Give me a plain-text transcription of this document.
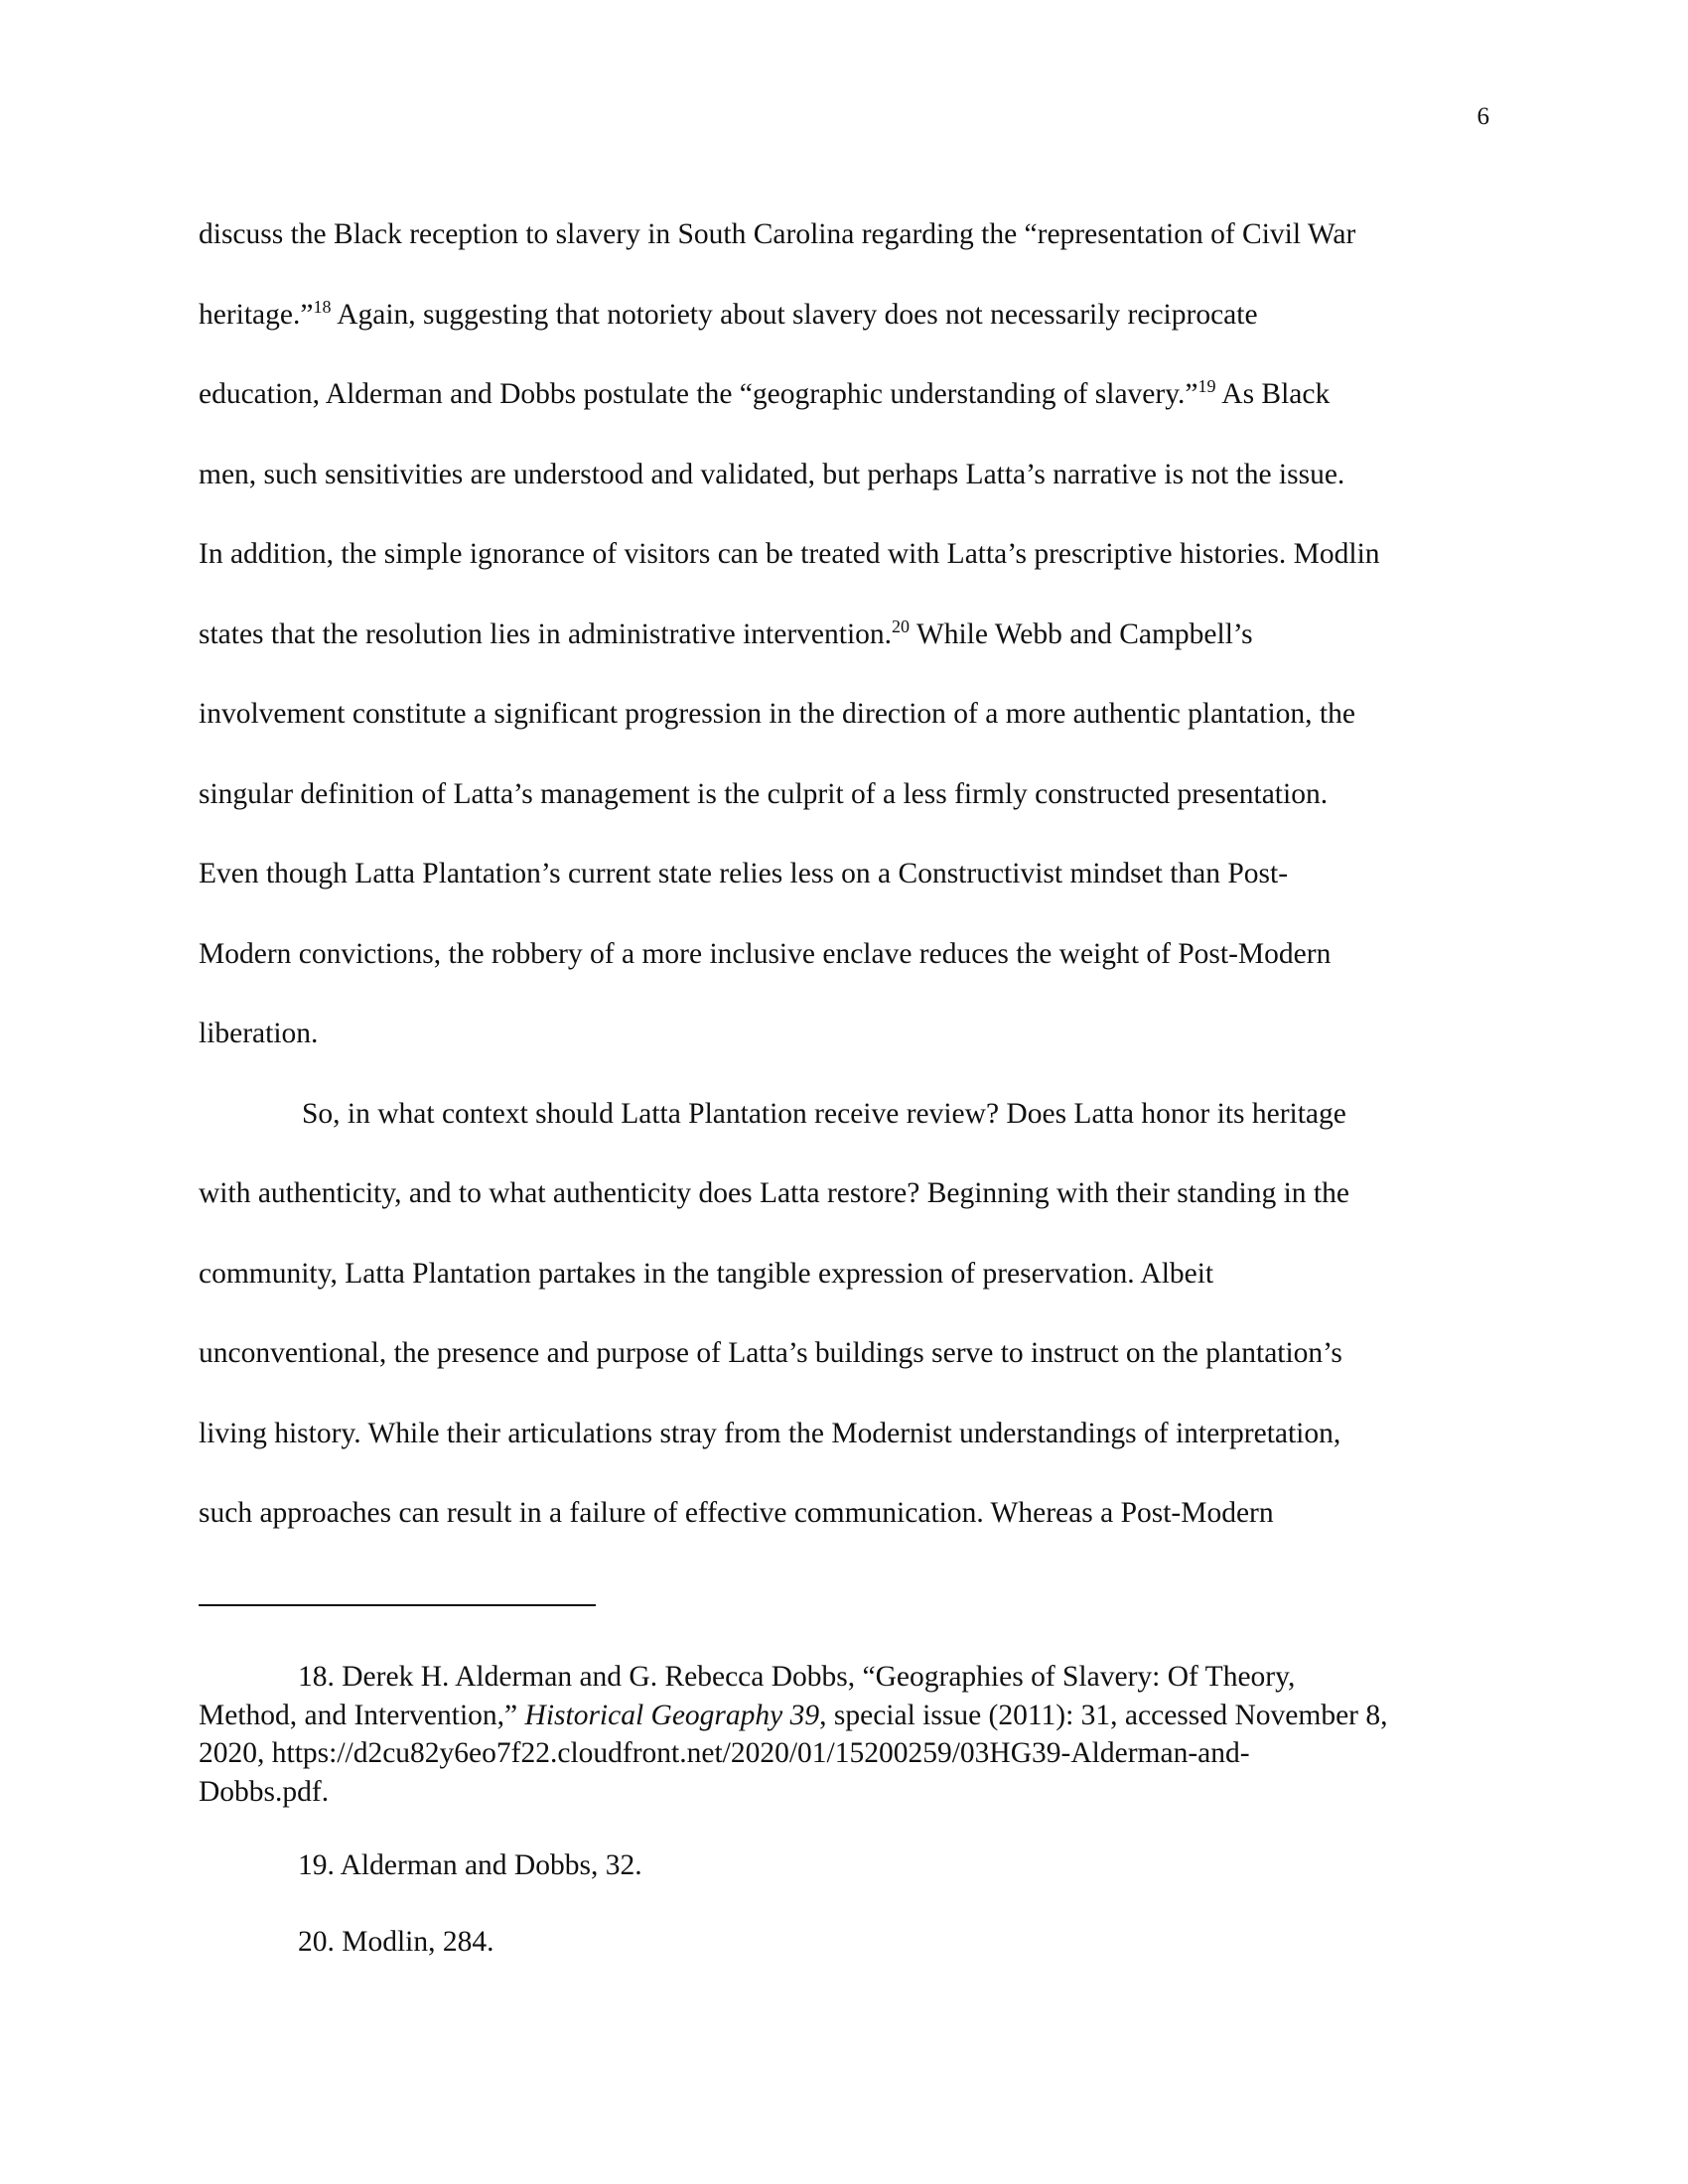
6
discuss the Black reception to slavery in South Carolina regarding the “representation of Civil War
heritage.”$^{18}$ Again, suggesting that notoriety about slavery does not necessarily reciprocate
education, Alderman and Dobbs postulate the “geographic understanding of slavery.”$^{19}$ As Black
men, such sensitivities are understood and validated, but perhaps Latta’s narrative is not the issue.
In addition, the simple ignorance of visitors can be treated with Latta’s prescriptive histories. Modlin
states that the resolution lies in administrative intervention.$^{20}$ While Webb and Campbell’s
involvement constitute a significant progression in the direction of a more authentic plantation, the
singular definition of Latta’s management is the culprit of a less firmly constructed presentation.
Even though Latta Plantation’s current state relies less on a Constructivist mindset than Post-
Modern convictions, the robbery of a more inclusive enclave reduces the weight of Post-Modern
liberation.
So, in what context should Latta Plantation receive review? Does Latta honor its heritage
with authenticity, and to what authenticity does Latta restore? Beginning with their standing in the
community, Latta Plantation partakes in the tangible expression of preservation. Albeit
unconventional, the presence and purpose of Latta’s buildings serve to instruct on the plantation’s
living history. While their articulations stray from the Modernist understandings of interpretation,
such approaches can result in a failure of effective communication. Whereas a Post-Modern
18. Derek H. Alderman and G. Rebecca Dobbs, “Geographies of Slavery: Of Theory,
Method, and Intervention,” Historical Geography 39, special issue (2011): 31, accessed November 8,
2020, https://d2cu82y6eo7f22.cloudfront.net/2020/01/15200259/03HG39-Alderman-and-
Dobbs.pdf.
19. Alderman and Dobbs, 32.
20. Modlin, 284.
